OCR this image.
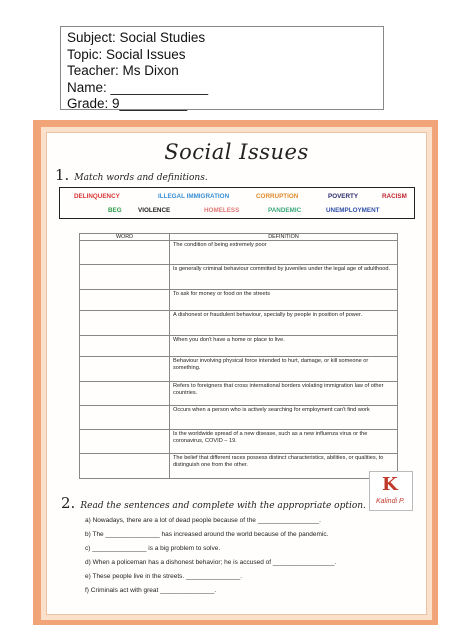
Subject: Social Studies
Topic: Social Issues
Teacher: Ms Dixon
Name: _____________
Grade: 9_________
Social Issues
1. Match words and definitions.
DELINQUENCY	ILLEGAL IMMIGRATION	CORRUPTION	POVERTY	RACISM
BEG	VIOLENCE	HOMELESS	PANDEMIC	UNEMPLOYMENT
WORD	DEFINITION
	The condition of being extremely poor
	Is generally criminal behaviour committed by juveniles under the legal age of adulthood.
	To ask for money or food on the streets
	A dishonest or fraudulent behaviour, specially by people in position of power.
	When you don't have a home or place to live.
	Behaviour involving physical force intended to hurt, damage, or kill someone or something.
	Refers to foreigners that cross international borders violating immigration law of other countries.
	Occurs when a person who is actively searching for employment can't find work
	Is the worldwide spread of a new disease, such as a new influenza virus or the coronavirus, COVID – 19.
	The belief that different races possess distinct characteristics, abilities, or qualities, to distinguish one from the other.
2. Read the sentences and complete with the appropriate option.
K
Kalindi P.
a) Nowadays, there are a lot of dead people because of the _________________.
b) The _______________ has increased around the world because of the pandemic.
c) _______________ is a big problem to solve.
d) When a policeman has a dishonest behavior; he is accused of _________________.
e) These people live in the streets. _______________.
f) Criminals act with great _______________.
